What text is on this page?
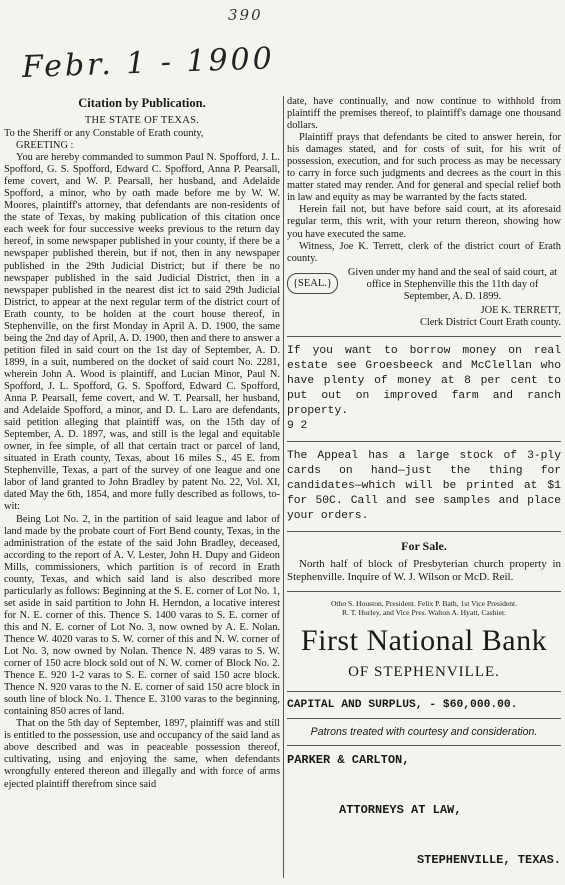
390
Febr. 1 - 1900
Citation by Publication.
THE STATE OF TEXAS.

To the Sheriff or any Constable of Erath county,

GREETING :

You are hereby commanded to summon Paul N. Spofford, J. L. Spofford, G. S. Spofford, Edward C. Spofford, Anna P. Pearsall, feme covert, and W. P. Pearsall, her husband, and Adelaide Spofford, a minor, who by oath made before me by W. W. Moores, plaintiff's attorney, that defendants are non-residents of the state of Texas, by making publication of this citation once each week for four successive weeks previous to the return day hereof, in some newspaper published in your county, if there be a newspaper published therein, but if not, then in any newspaper published in the 29th Judicial District; but if there be no newspaper published in the said Judicial District, then in a newspaper published in the nearest dist ict to said 29th Judicial District, to appear at the next regular term of the district court of Erath county, to be holden at the court house thereof, in Stephenville, on the first Monday in April A. D. 1900, the same being the 2nd day of April, A. D. 1900, then and there to answer a petition filed in said court on the 1st day of September, A. D. 1899, in a suit, numbered on the docket of said court No. 2281, wherein John A. Wood is plaintiff, and Lucian Minor, Paul N. Spofford, J. L. Spofford, G. S. Spofford, Edward C. Spofford, Anna P. Pearsall, feme covert, and W. T. Pearsall, her husband, and Adelaide Spofford, a minor, and D. L. Laro are defendants, said petition alleging that plaintiff was, on the 15th day of September, A. D. 1897, was, and still is the legal and equitable owner, in fee simple, of all that certain tract or parcel of land, situated in Erath county, Texas, about 16 miles S., 45 E. from Stephenville, Texas, a part of the survey of one league and one labor of land granted to John Bradley by patent No. 22, Vol. XI, dated May the 6th, 1854, and more fully described as follows, to-wit:

Being Lot No. 2, in the partition of said league and labor of land made by the probate court of Fort Bend county, Texas, in the administration of the estate of the said John Bradley, deceased, according to the report of A. V. Lester, John H. Dupy and Gideon Mills, commissioners, which partition is of record in Erath county, Texas, and which said land is also described more particularly as follows: Beginning at the S. E. corner of Lot No. 1, set aside in said partition to John H. Herndon, a locative interest for N. E. corner of this. Thence S. 1400 varas to S. E. corner of this and N. E. corner of Lot No. 3, now owned by A. E. Nolan. Thence W. 4020 varas to S. W. corner of this and N. W. corner of Lot No. 3, now owned by Nolan. Thence N. 489 varas to S. W. corner of 150 acre block sold out of N. W. corner of Block No. 2. Thence E. 920 1-2 varas to S. E. corner of said 150 acre block. Thence N. 920 varas to the N. E. corner of said 150 acre block in south line of block No. 1. Thence E. 3100 varas to the beginning, containing 850 acres of land.

That on the 5th day of September, 1897, plaintiff was and still is entitled to the possession, use and occupancy of the said land as above described and was in peaceable possession thereof, cultivating, using and enjoying the same, when defendants wrongfully entered thereon and illegally and with force of arms ejected plaintiff therefrom since said

date, have continually, and now continue to withhold from plaintiff the premises thereof, to plaintiff's damage one thousand dollars.

Plaintiff prays that defendants be cited to answer herein, for his damages stated, and for costs of suit, for his writ of possession, execution, and for such process as may be necessary to carry in force such judgments and decrees as the court in this matter stated may render. And for general and special relief both in law and equity as may be warranted by the facts stated.

Herein fail not, but have before said court, at its aforesaid regular term, this writ, with your return thereon, showing how you have executed the same.

Witness, Joe K. Terrett, clerk of the district court of Erath county.

{SEAL.}
Given under my hand and the seal of said court, at office in Stephenville this the 11th day of September, A. D. 1899.

JOE K. TERRETT,

Clerk District Court Erath county.

If you want to borrow money on real estate see Groesbeeck and McClellan who have plenty of money at 8 per cent to put out on improved farm and ranch property.

9 2

The Appeal has a large stock of 3-ply cards on hand—just the thing for candidates—which will be printed at $1 for 50C. Call and see samples and place your orders.

For Sale.

North half of block of Presbyterian church property in Stephenville. Inquire of W. J. Wilson or McD. Reil.

Otho S. Houston, President. Felix P. Bath, 1st Vice President.

R. T. Hurley, and Vice Pres. Walton A. Hyatt, Cashier.

First National Bank
OF STEPHENVILLE.

CAPITAL AND SURPLUS, - $60,000.00.

Patrons treated with courtesy and consideration.

PARKER & CARLTON,

ATTORNEYS AT LAW,

STEPHENVILLE, TEXAS.
